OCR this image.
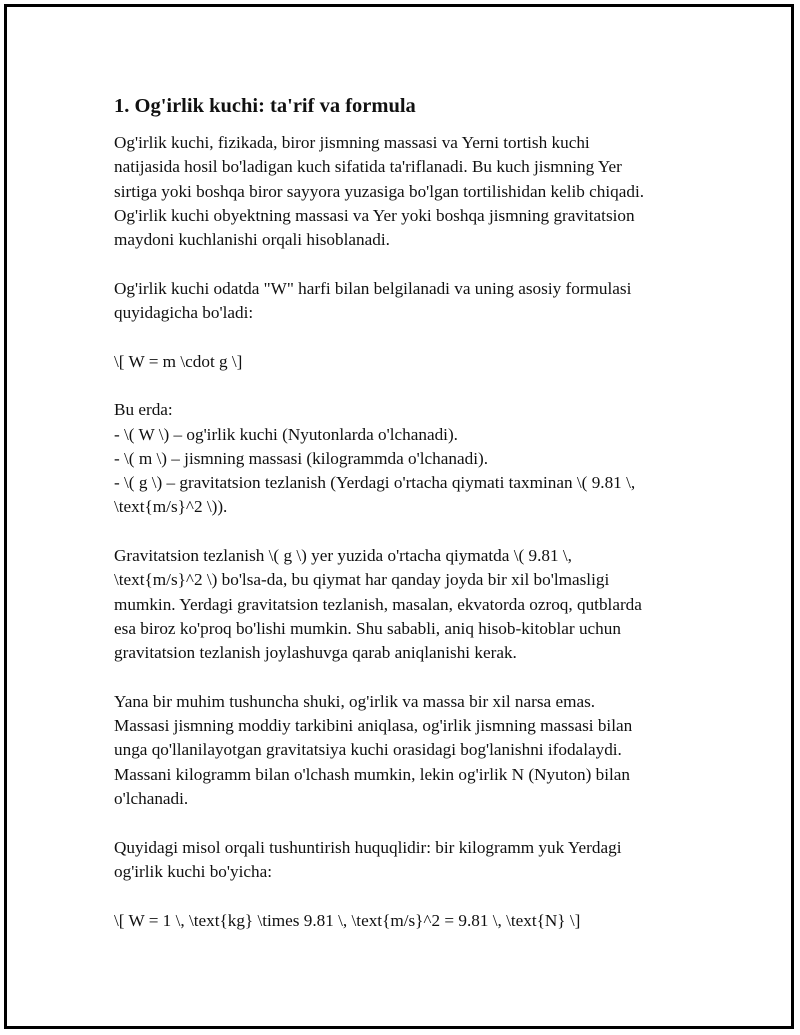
1. Og'irlik kuchi: ta'rif va formula

Og'irlik kuchi, fizikada, biror jismning massasi va Yerni tortish kuchi
natijasida hosil bo'ladigan kuch sifatida ta'riflanadi. Bu kuch jismning Yer
sirtiga yoki boshqa biror sayyora yuzasiga bo'lgan tortilishidan kelib chiqadi.
Og'irlik kuchi obyektning massasi va Yer yoki boshqa jismning gravitatsion
maydoni kuchlanishi orqali hisoblanadi.

Og'irlik kuchi odatda "W" harfi bilan belgilanadi va uning asosiy formulasi
quyidagicha bo'ladi:

\[ W = m \cdot g \]

Bu erda:
- \( W \) – og'irlik kuchi (Nyutonlarda o'lchanadi).
- \( m \) – jismning massasi (kilogrammda o'lchanadi).
- \( g \) – gravitatsion tezlanish (Yerdagi o'rtacha qiymati taxminan \( 9.81 \,
\text{m/s}^2 \)).

Gravitatsion tezlanish \( g \) yer yuzida o'rtacha qiymatda \( 9.81 \,
\text{m/s}^2 \) bo'lsa-da, bu qiymat har qanday joyda bir xil bo'lmasligi
mumkin. Yerdagi gravitatsion tezlanish, masalan, ekvatorda ozroq, qutblarda
esa biroz ko'proq bo'lishi mumkin. Shu sababli, aniq hisob-kitoblar uchun
gravitatsion tezlanish joylashuvga qarab aniqlanishi kerak.

Yana bir muhim tushuncha shuki, og'irlik va massa bir xil narsa emas.
Massasi jismning moddiy tarkibini aniqlasa, og'irlik jismning massasi bilan
unga qo'llanilayotgan gravitatsiya kuchi orasidagi bog'lanishni ifodalaydi.
Massani kilogramm bilan o'lchash mumkin, lekin og'irlik N (Nyuton) bilan
o'lchanadi.

Quyidagi misol orqali tushuntirish huquqlidir: bir kilogramm yuk Yerdagi
og'irlik kuchi bo'yicha:

\[ W = 1 \, \text{kg} \times 9.81 \, \text{m/s}^2 = 9.81 \, \text{N} \]
